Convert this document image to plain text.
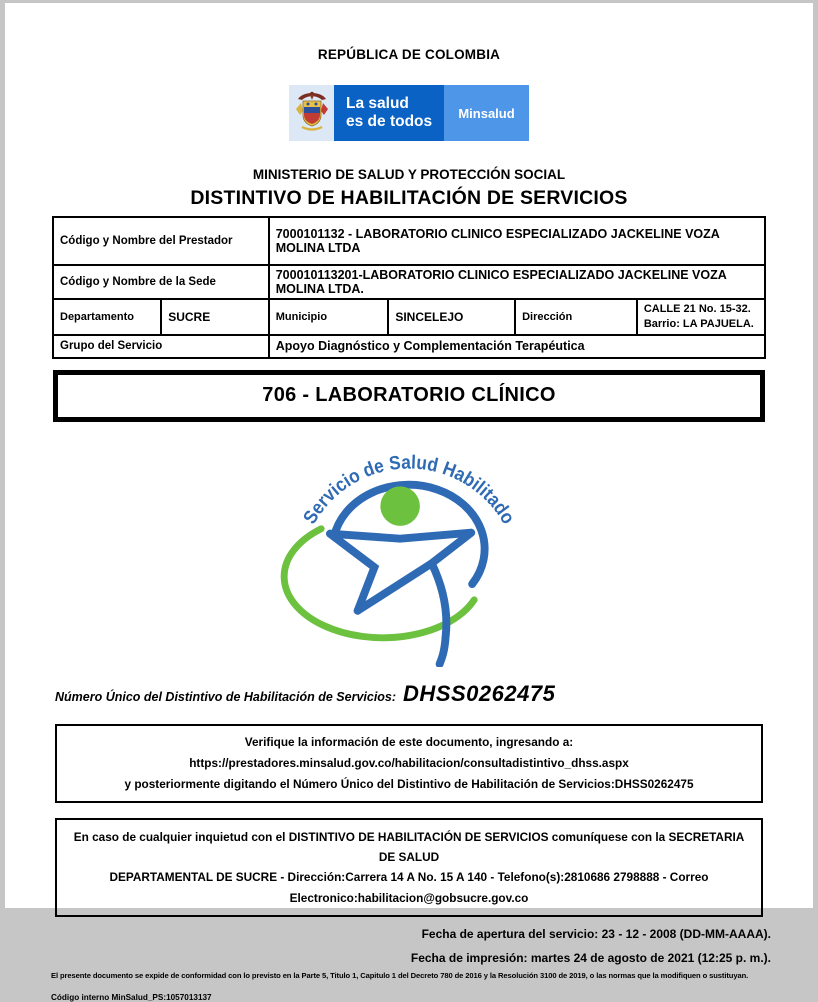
REPÚBLICA DE COLOMBIA
La salud
es de todos	Minsalud
MINISTERIO DE SALUD Y PROTECCIÓN SOCIAL
DISTINTIVO DE HABILITACIÓN DE SERVICIOS
Código y Nombre del Prestador		7000101132 - LABORATORIO CLINICO ESPECIALIZADO JACKELINE VOZA MOLINA LTDA			
Código y Nombre de la Sede		700010113201-LABORATORIO CLINICO ESPECIALIZADO JACKELINE VOZA MOLINA LTDA.			
Departamento	SUCRE	Municipio	SINCELEJO	Dirección	CALLE 21 No. 15-32. Barrio: LA PAJUELA.
Grupo del Servicio		Apoyo Diagnóstico y Complementación Terapéutica			
706 - LABORATORIO CLÍNICO
Servicio de Salud Habilitado
Número Único del Distintivo de Habilitación de Servicios: DHSS0262475
Verifique la información de este documento, ingresando a: https://prestadores.minsalud.gov.co/habilitacion/consultadistintivo_dhss.aspx
y posteriormente digitando el Número Único del Distintivo de Habilitación de Servicios:DHSS0262475
En caso de cualquier inquietud con el DISTINTIVO DE HABILITACIÓN DE SERVICIOS comuníquese con la SECRETARIA DE SALUD
DEPARTAMENTAL DE SUCRE - Dirección:Carrera 14 A No. 15 A 140 - Telefono(s):2810686 2798888 - Correo
Electronico:habilitacion@gobsucre.gov.co
Fecha de apertura del servicio: 23 - 12 - 2008 (DD-MM-AAAA).
Fecha de impresión: martes 24 de agosto de 2021 (12:25 p. m.).
El presente documento se expide de conformidad con lo previsto en la Parte 5, Titulo 1, Capitulo 1 del Decreto 780 de 2016 y la Resolución 3100 de 2019, o las normas que la modifiquen o sustituyan.
Código interno MinSalud_PS:1057013137
